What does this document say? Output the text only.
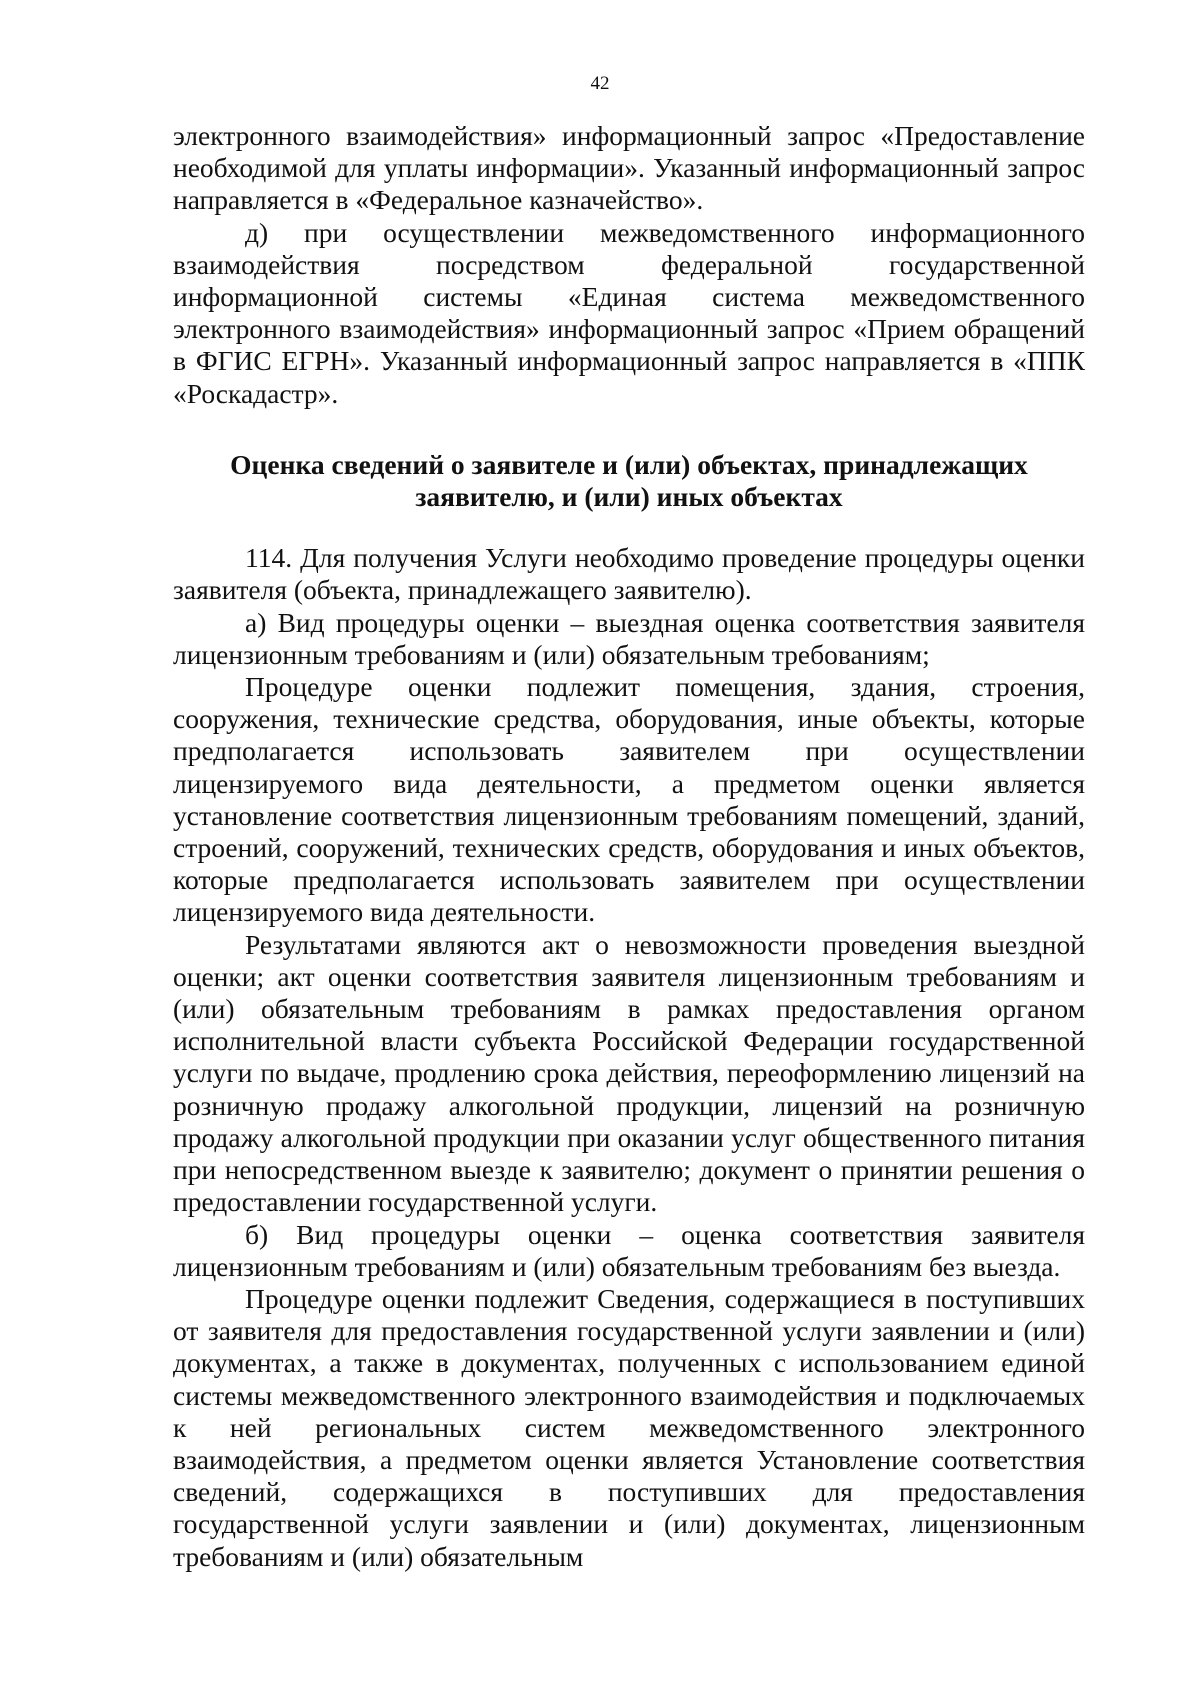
42

электронного взаимодействия» информационный запрос «Предоставление необходимой для уплаты информации». Указанный информационный запрос направляется в «Федеральное казначейство».

д) при осуществлении межведомственного информационного взаимодействия посредством федеральной государственной информационной системы «Единая система межведомственного электронного взаимодействия» информационный запрос «Прием обращений в ФГИС ЕГРН». Указанный информационный запрос направляется в «ППК «Роскадастр».

Оценка сведений о заявителе и (или) объектах, принадлежащих заявителю, и (или) иных объектах

114. Для получения Услуги необходимо проведение процедуры оценки заявителя (объекта, принадлежащего заявителю).

а) Вид процедуры оценки – выездная оценка соответствия заявителя лицензионным требованиям и (или) обязательным требованиям;

Процедуре оценки подлежит помещения, здания, строения, сооружения, технические средства, оборудования, иные объекты, которые предполагается использовать заявителем при осуществлении лицензируемого вида деятельности, а предметом оценки является установление соответствия лицензионным требованиям помещений, зданий, строений, сооружений, технических средств, оборудования и иных объектов, которые предполагается использовать заявителем при осуществлении лицензируемого вида деятельности.

Результатами являются акт о невозможности проведения выездной оценки; акт оценки соответствия заявителя лицензионным требованиям и (или) обязательным требованиям в рамках предоставления органом исполнительной власти субъекта Российской Федерации государственной услуги по выдаче, продлению срока действия, переоформлению лицензий на розничную продажу алкогольной продукции, лицензий на розничную продажу алкогольной продукции при оказании услуг общественного питания при непосредственном выезде к заявителю; документ о принятии решения о предоставлении государственной услуги.

б) Вид процедуры оценки – оценка соответствия заявителя лицензионным требованиям и (или) обязательным требованиям без выезда.

Процедуре оценки подлежит Сведения, содержащиеся в поступивших от заявителя для предоставления государственной услуги заявлении и (или) документах, а также в документах, полученных с использованием единой системы межведомственного электронного взаимодействия и подключаемых к ней региональных систем межведомственного электронного взаимодействия, а предметом оценки является Установление соответствия сведений, содержащихся в поступивших для предоставления государственной услуги заявлении и (или) документах, лицензионным требованиям и (или) обязательным
